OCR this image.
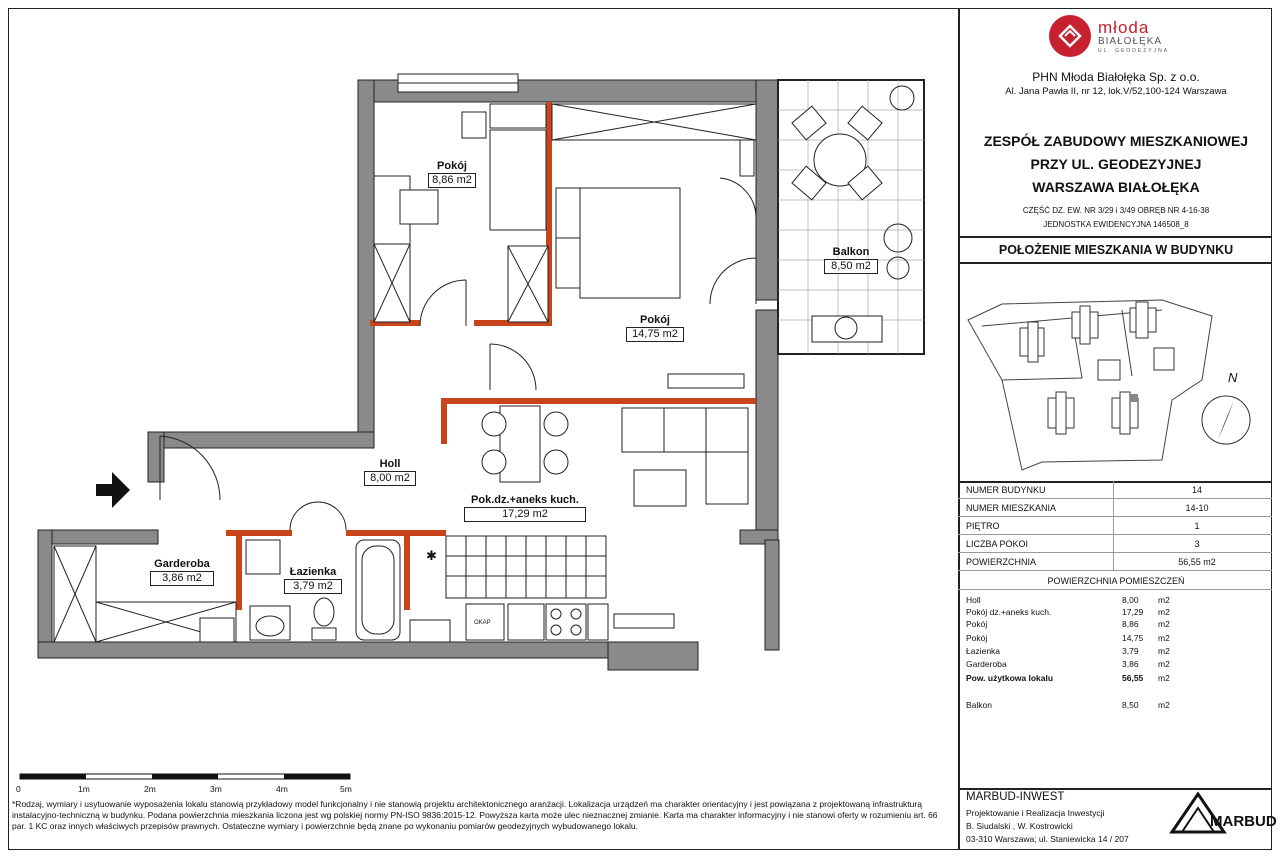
Pokój
8,86 m2
Pokój
14,75 m2
Balkon
8,50 m2
Holl
8,00 m2
Pok.dz.+aneks kuch.
17,29 m2
Garderoba
3,86 m2	Łazienka
3,79 m2
OKAP
✱
0	1m	2m	3m	4m	5m
*Rodzaj, wymiary i usytuowanie wyposażenia lokalu stanowią przykładowy model funkcjonalny i nie stanowią projektu architektonicznego aranżacji. Lokalizacja urządzeń ma charakter orientacyjny i jest powiązana z projektowaną infrastrukturą instalacyjno-techniczną w budynku. Podana powierzchnia mieszkania liczona jest wg polskiej normy PN-ISO 9836:2015-12. Powyższa karta może ulec nieznacznej zmianie. Karta ma charakter informacyjny i nie stanowi oferty w rozumieniu art. 66 par. 1 KC oraz innych właściwych przepisów prawnych. Ostateczne wymiary i powierzchnie będą znane po wykonaniu pomiarów geodezyjnych wybudowanego lokalu.
młoda
BIAŁOŁĘKA
UL. GEODEZYJNA
PHN Młoda Białołęka Sp. z o.o.
Al. Jana Pawła II, nr 12, lok.V/52,100-124 Warszawa
ZESPÓŁ ZABUDOWY MIESZKANIOWEJ
PRZY UL. GEODEZYJNEJ
WARSZAWA BIAŁOŁĘKA
CZĘŚĆ DZ. EW. NR 3/29 i 3/49 OBRĘB NR 4-16-38
JEDNOSTKA EWIDENCYJNA 146508_8
POŁOŻENIE MIESZKANIA W BUDYNKU
N
NUMER BUDYNKU	14
NUMER MIESZKANIA	14-10
PIĘTRO	1
LICZBA POKOI	3
POWIERZCHNIA	56,55 m2
POWIERZCHNIA POMIESZCZEŃ
Holl	8,00 m2
Pokój dz.+aneks kuch.	17,29 m2
Pokój	8,86 m2
Pokój	14,75 m2
Łazienka	3,79 m2
Garderoba	3,86 m2
Pow. użytkowa lokalu	56,55 m2
Balkon	8,50 m2
MARBUD-INWEST
Projektowanie i Realizacja Inwestycji
B. Siudalski , W. Kostrowicki
03-310 Warszawa; ul. Staniewicka 14 / 207
MARBUD
